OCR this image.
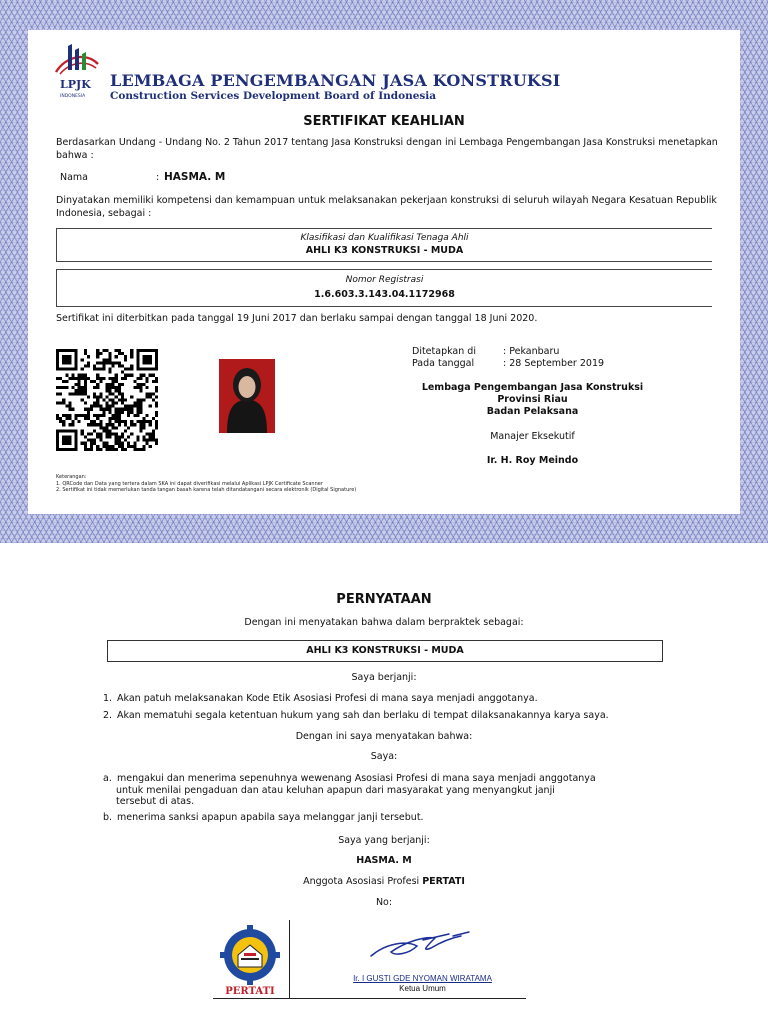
LPJK
INDONESIA
LEMBAGA PENGEMBANGAN JASA KONSTRUKSI
Construction Services Development Board of Indonesia
SERTIFIKAT KEAHLIAN
Berdasarkan Undang - Undang No. 2 Tahun 2017 tentang Jasa Konstruksi dengan ini Lembaga Pengembangan Jasa Konstruksi menetapkan
bahwa :
Nama	: HASMA. M
Dinyatakan memiliki kompetensi dan kemampuan untuk melaksanakan pekerjaan konstruksi di seluruh wilayah Negara Kesatuan Republik
Indonesia, sebagai :
Klasifikasi dan Kualifikasi Tenaga Ahli
AHLI K3 KONSTRUKSI - MUDA
Nomor Registrasi
1.6.603.3.143.04.1172968
Sertifikat ini diterbitkan pada tanggal 19 Juni 2017 dan berlaku sampai dengan tanggal 18 Juni 2020.
Ditetapkan di	: Pekanbaru
Pada tanggal	: 28 September 2019
Lembaga Pengembangan Jasa Konstruksi
Provinsi Riau
Badan Pelaksana
Manajer Eksekutif
Ir. H. Roy Meindo
Keterangan:
1. QRCode dan Data yang tertera dalam SKA ini dapat diverifikasi melalui Aplikasi LPJK Certificate Scanner
2. Sertifikat ini tidak memerlukan tanda tangan basah karena telah ditandatangani secara elektronik (Digital Signature)
PERNYATAAN
Dengan ini menyatakan bahwa dalam berpraktek sebagai:
AHLI K3 KONSTRUKSI - MUDA
Saya berjanji:
1. Akan patuh melaksanakan Kode Etik Asosiasi Profesi di mana saya menjadi anggotanya.
2. Akan mematuhi segala ketentuan hukum yang sah dan berlaku di tempat dilaksanakannya karya saya.
Dengan ini saya menyatakan bahwa:
Saya:
a. mengakui dan menerima sepenuhnya wewenang Asosiasi Profesi di mana saya menjadi anggotanya
untuk menilai pengaduan dan atau keluhan apapun dari masyarakat yang menyangkut janji
tersebut di atas.
b. menerima sanksi apapun apabila saya melanggar janji tersebut.
Saya yang berjanji:
HASMA. M
Anggota Asosiasi Profesi PERTATI
No:
PERTATI
Ir. I GUSTI GDE NYOMAN WIRATAMA
Ketua Umum
